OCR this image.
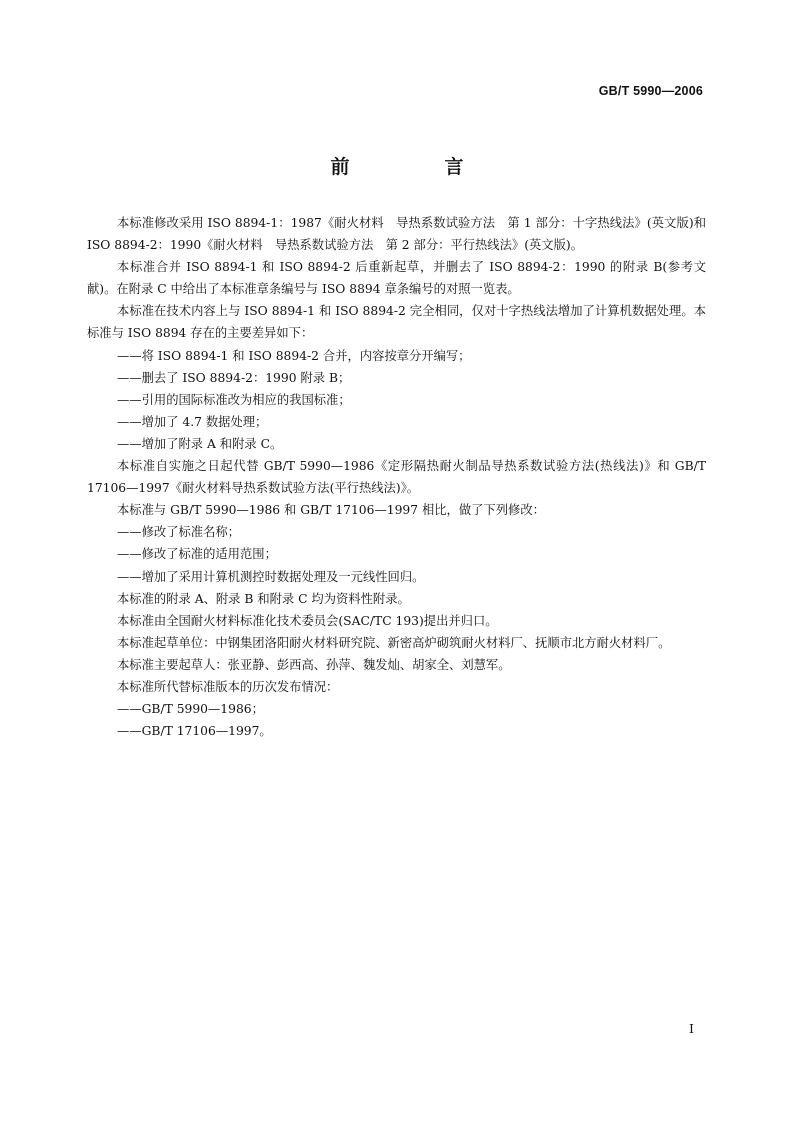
GB/T 5990—2006
前　言

本标准修改采用 ISO 8894-1：1987《耐火材料　导热系数试验方法　第 1 部分：十字热线法》(英文版)和 ISO 8894-2：1990《耐火材料　导热系数试验方法　第 2 部分：平行热线法》(英文版)。

本标准合并 ISO 8894-1 和 ISO 8894-2 后重新起草，并删去了 ISO 8894-2：1990 的附录 B(参考文献)。在附录 C 中给出了本标准章条编号与 ISO 8894 章条编号的对照一览表。

本标准在技术内容上与 ISO 8894-1 和 ISO 8894-2 完全相同，仅对十字热线法增加了计算机数据处理。本标准与 ISO 8894 存在的主要差异如下：

——将 ISO 8894-1 和 ISO 8894-2 合并，内容按章分开编写；

——删去了 ISO 8894-2：1990 附录 B；

——引用的国际标准改为相应的我国标准；

——增加了 4.7 数据处理；

——增加了附录 A 和附录 C。

本标准自实施之日起代替 GB/T 5990—1986《定形隔热耐火制品导热系数试验方法(热线法)》和 GB/T 17106—1997《耐火材料导热系数试验方法(平行热线法)》。

本标准与 GB/T 5990—1986 和 GB/T 17106—1997 相比，做了下列修改：

——修改了标准名称；

——修改了标准的适用范围；

——增加了采用计算机测控时数据处理及一元线性回归。

本标准的附录 A、附录 B 和附录 C 均为资料性附录。

本标准由全国耐火材料标准化技术委员会(SAC/TC 193)提出并归口。

本标准起草单位：中钢集团洛阳耐火材料研究院、新密高炉砌筑耐火材料厂、抚顺市北方耐火材料厂。

本标准主要起草人：张亚静、彭西高、孙萍、魏发灿、胡家全、刘慧军。

本标准所代替标准版本的历次发布情况：

——GB/T 5990—1986；

——GB/T 17106—1997。

I
